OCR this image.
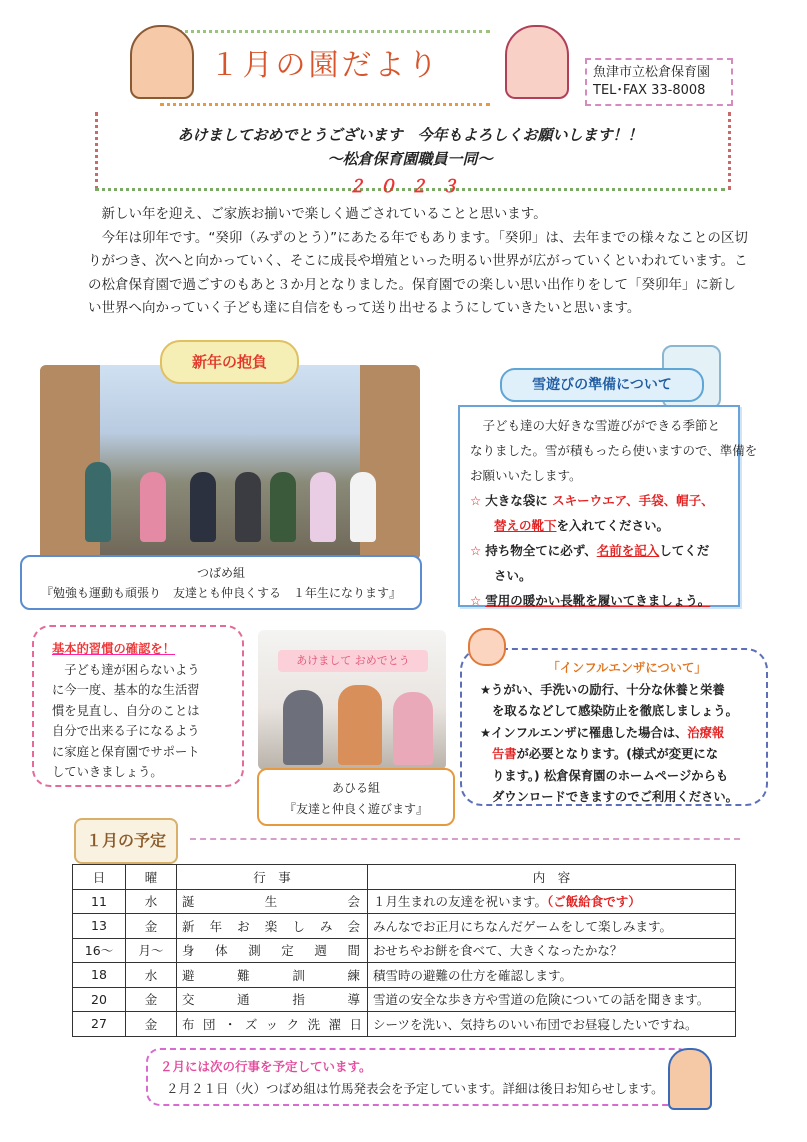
１月の園だより	魚津市立松倉保育園
TEL･FAX 33-8008
あけましておめでとうございます　今年もよろしくお願いします！！
～松倉保育園職員一同～
２０２３

新しい年を迎え、ご家族お揃いで楽しく過ごされていることと思います。

今年は卯年です。“癸卯（みずのとう）”にあたる年でもあります。「癸卯」は、去年までの様々なことの区切りがつき、次へと向かっていく、そこに成長や増殖といった明るい世界が広がっていくといわれています。この松倉保育園で過ごすのもあと３か月となりました。保育園での楽しい思い出作りをして「癸卯年」に新しい世界へ向かっていく子ども達に自信をもって送り出せるようにしていきたいと思います。

新年の抱負
つばめ組
『勉強も運動も頑張り　友達とも仲良くする　１年生になります』
雪遊びの準備について
子ども達の大好きな雪遊びができる季節と
なりました。雪が積もったら使いますので、準備を
お願いいたします。
☆ 大きな袋に スキーウエア、手袋、帽子、
替えの靴下を入れてください。
☆ 持ち物全てに必ず、名前を記入してくだ
さい。
☆ 雪用の暖かい長靴を履いてきましょう。
基本的習慣の確認を！
子ども達が困らないよう
に今一度、基本的な生活習
慣を見直し、自分のことは
自分で出来る子になるよう
に家庭と保育園でサポート
していきましょう。
あけまして おめでとう
あひる組
『友達と仲良く遊びます』
「インフルエンザについて」
★うがい、手洗いの励行、十分な休養と栄養
を取るなどして感染防止を徹底しましょう。
★インフルエンザに罹患した場合は、治療報
告書が必要となります。(様式が変更にな
ります。) 松倉保育園のホームページからも
ダウンロードできますのでご利用ください。
１月の予定
日	曜	行　事	内　容
11	水	誕生会	１月生まれの友達を祝います。（ご飯給食です）
13	金	新年お楽しみ会	みんなでお正月にちなんだゲームをして楽しみます。
16～	月～	身体測定週間	おせちやお餅を食べて、大きくなったかな？
18	水	避難訓練	積雪時の避難の仕方を確認します。
20	金	交通指導	雪道の安全な歩き方や雪道の危険についての話を聞きます。
27	金	布団・ズック洗濯日	シーツを洗い、気持ちのいい布団でお昼寝したいですね。
２月には次の行事を予定しています。
２月２１日（火）つばめ組は竹馬発表会を予定しています。詳細は後日お知らせします。
